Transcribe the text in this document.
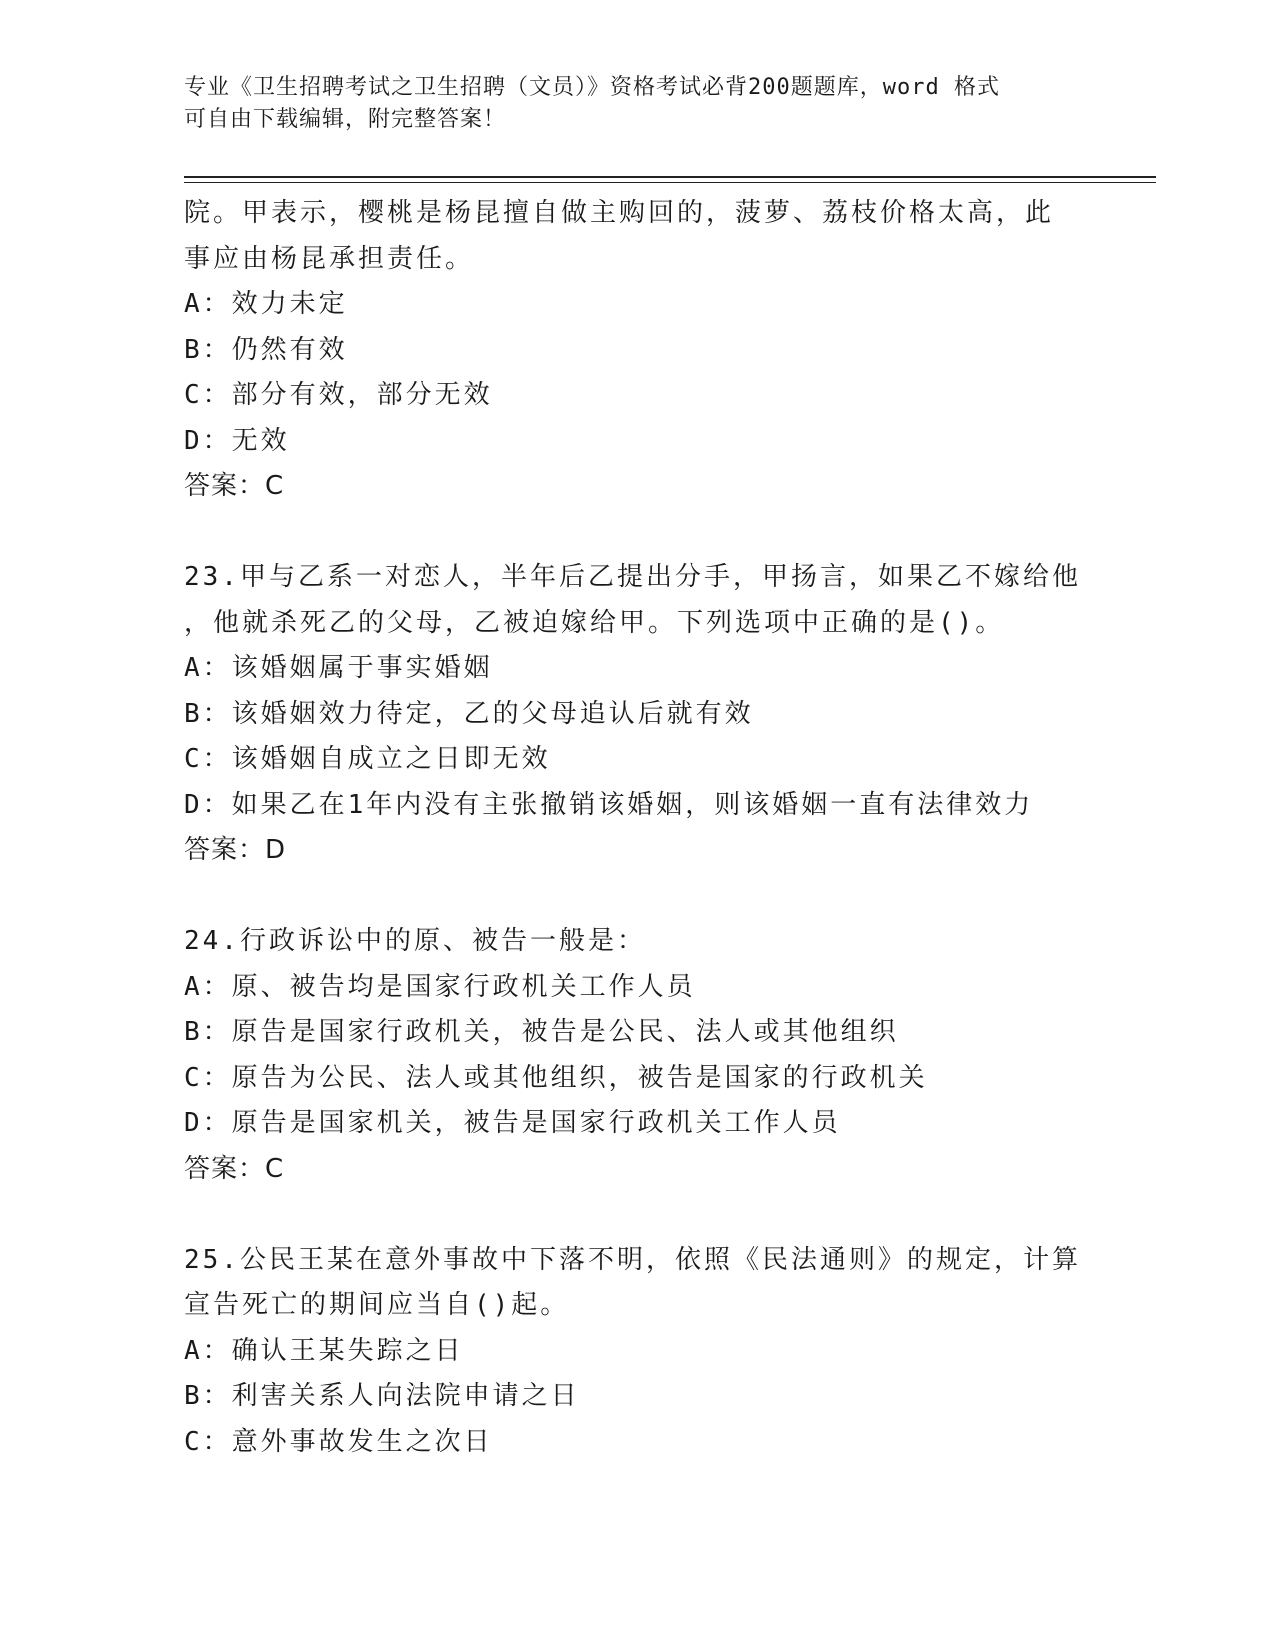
专业《卫生招聘考试之卫生招聘（文员）》资格考试必背200题题库，word 格式
可自由下载编辑，附完整答案！
院。甲表示，樱桃是杨昆擅自做主购回的，菠萝、荔枝价格太高，此
事应由杨昆承担责任。
A：效力未定
B：仍然有效
C：部分有效，部分无效
D：无效
答案：C
23.甲与乙系一对恋人，半年后乙提出分手，甲扬言，如果乙不嫁给他
，他就杀死乙的父母，乙被迫嫁给甲。下列选项中正确的是()。
A：该婚姻属于事实婚姻
B：该婚姻效力待定，乙的父母追认后就有效
C：该婚姻自成立之日即无效
D：如果乙在1年内没有主张撤销该婚姻，则该婚姻一直有法律效力
答案：D
24.行政诉讼中的原、被告一般是：
A：原、被告均是国家行政机关工作人员
B：原告是国家行政机关，被告是公民、法人或其他组织
C：原告为公民、法人或其他组织，被告是国家的行政机关
D：原告是国家机关，被告是国家行政机关工作人员
答案：C
25.公民王某在意外事故中下落不明，依照《民法通则》的规定，计算
宣告死亡的期间应当自()起。
A：确认王某失踪之日
B：利害关系人向法院申请之日
C：意外事故发生之次日
